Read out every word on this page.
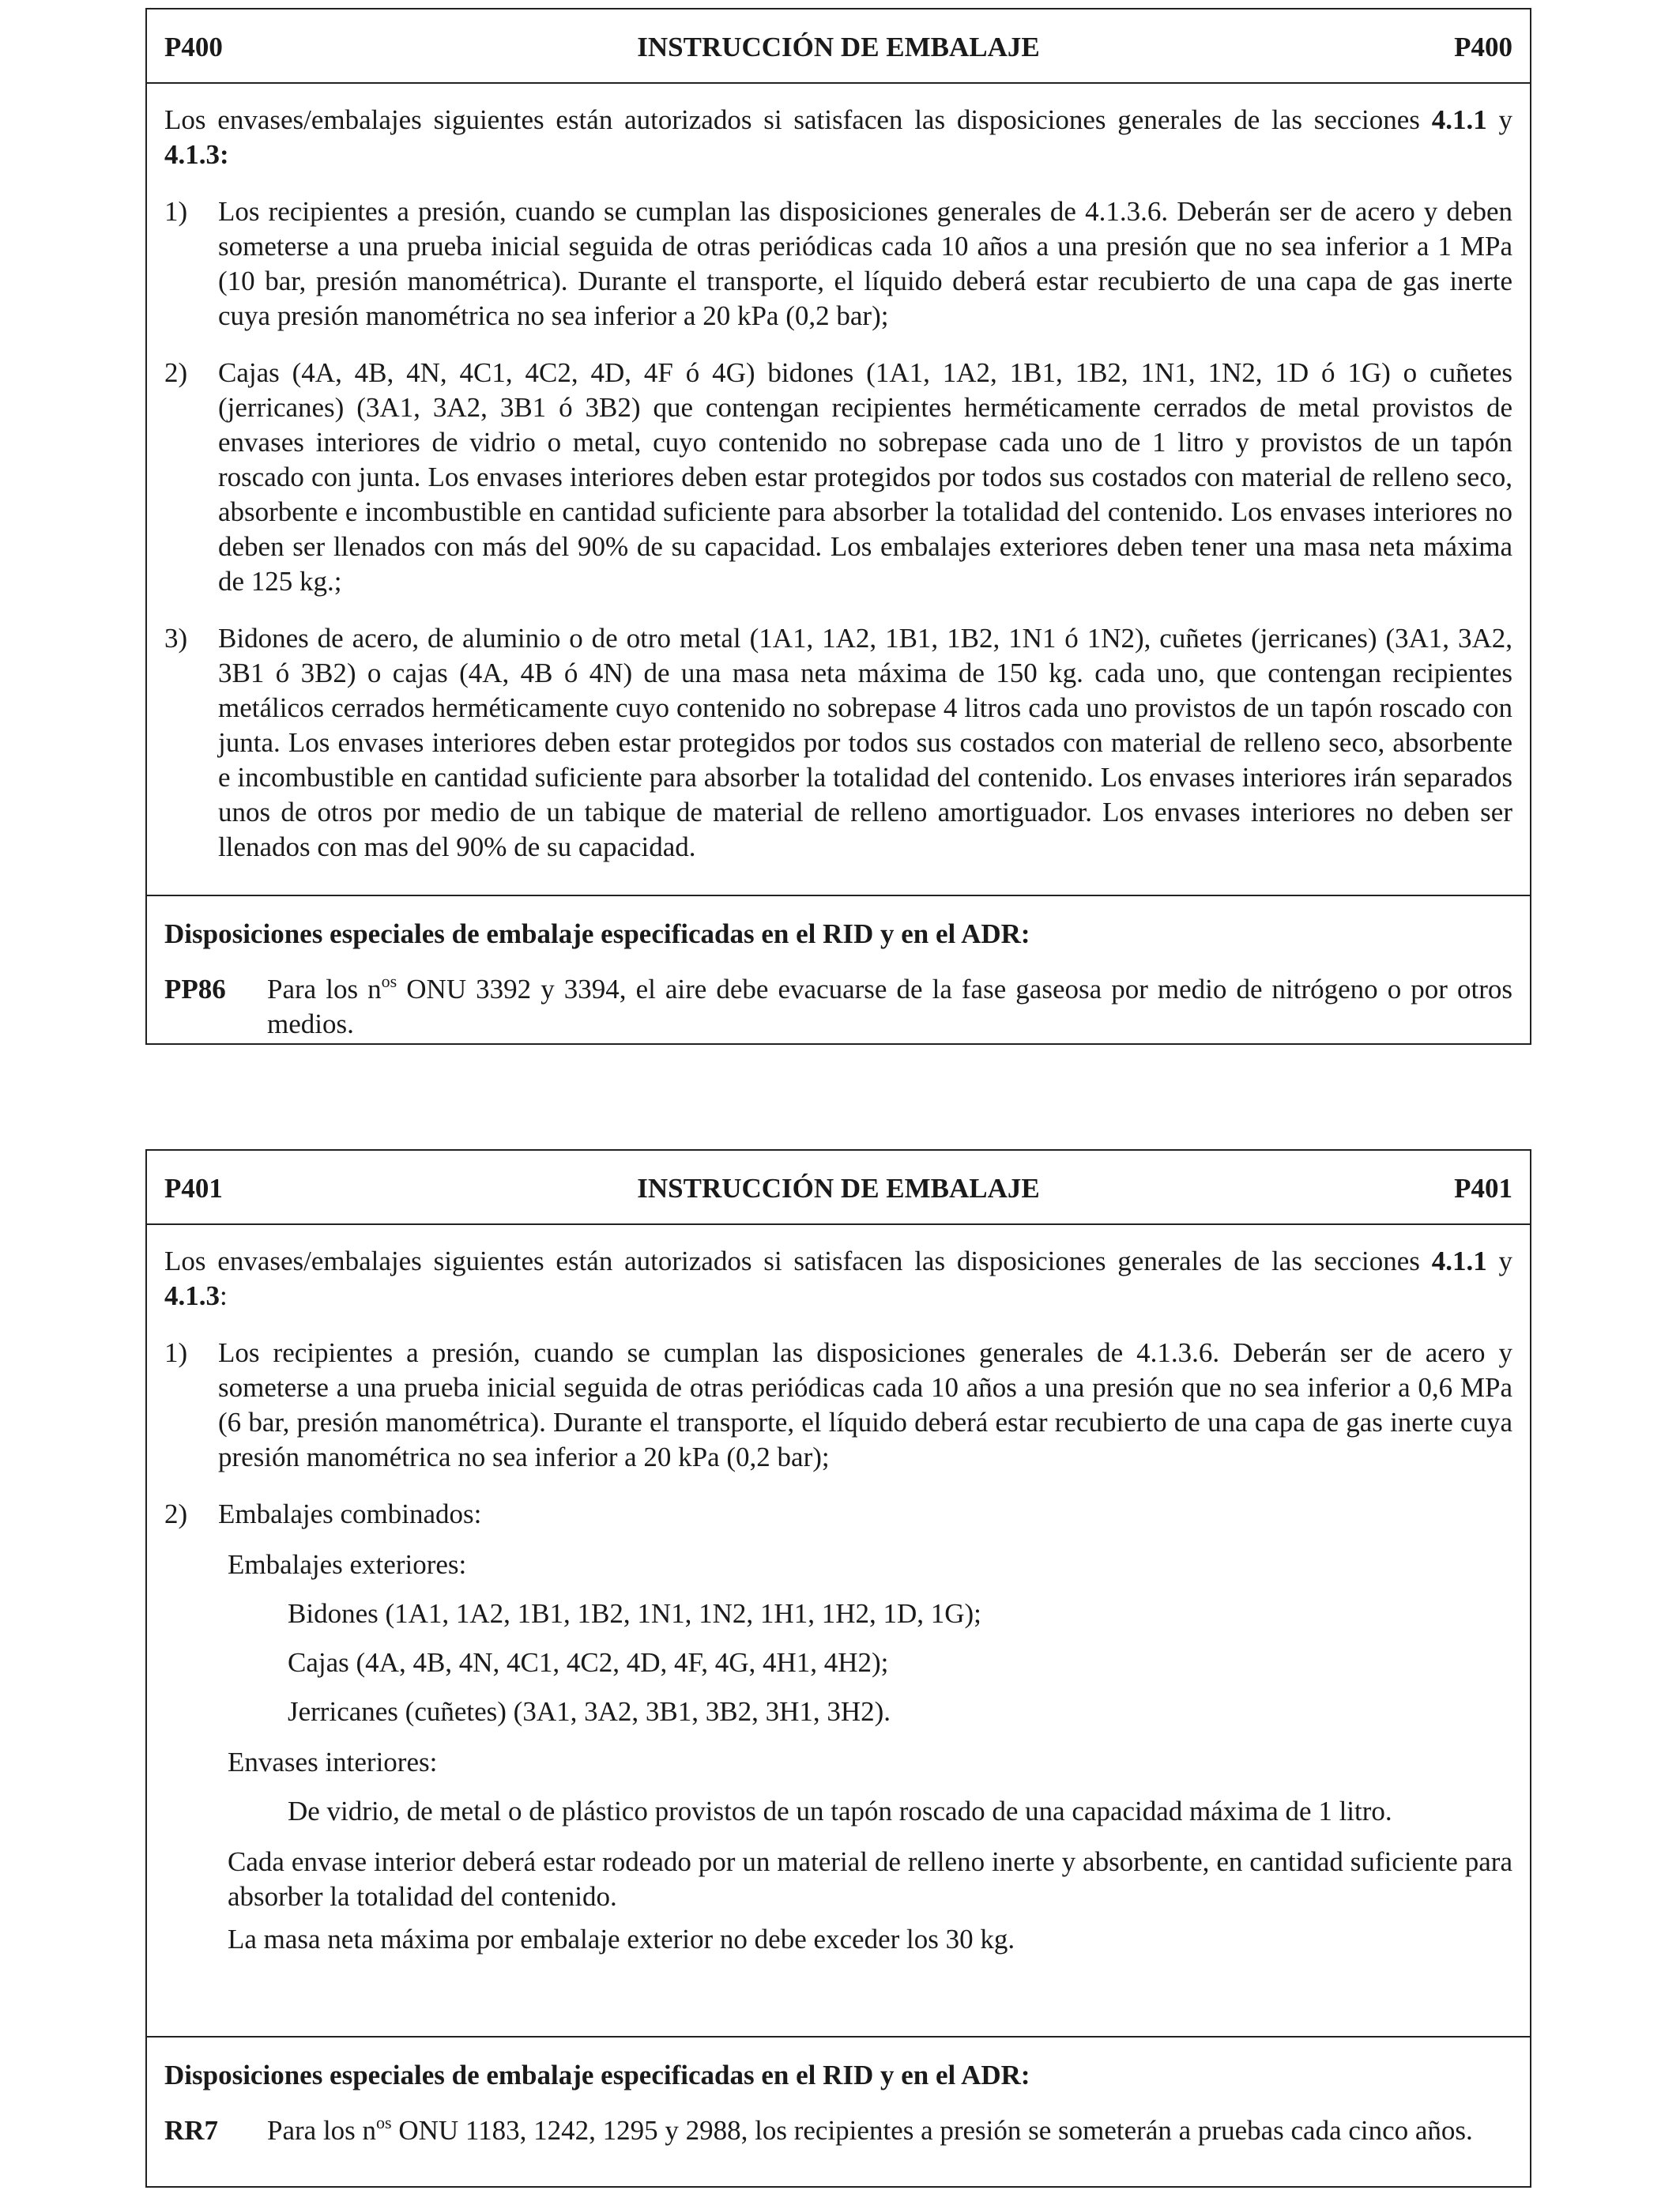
P400	INSTRUCCIÓN DE EMBALAJE	P400

Los envases/embalajes siguientes están autorizados si satisfacen las disposiciones generales de las secciones 4.1.1 y 4.1.3:

1) Los recipientes a presión, cuando se cumplan las disposiciones generales de 4.1.3.6. Deberán ser de acero y deben someterse a una prueba inicial seguida de otras periódicas cada 10 años a una presión que no sea inferior a 1 MPa (10 bar, presión manométrica). Durante el transporte, el líquido deberá estar recubierto de una capa de gas inerte cuya presión manométrica no sea inferior a 20 kPa (0,2 bar);
2) Cajas (4A, 4B, 4N, 4C1, 4C2, 4D, 4F ó 4G) bidones (1A1, 1A2, 1B1, 1B2, 1N1, 1N2, 1D ó 1G) o cuñetes (jerricanes) (3A1, 3A2, 3B1 ó 3B2) que contengan recipientes herméticamente cerrados de metal provistos de envases interiores de vidrio o metal, cuyo contenido no sobrepase cada uno de 1 litro y provistos de un tapón roscado con junta. Los envases interiores deben estar protegidos por todos sus costados con material de relleno seco, absorbente e incombustible en cantidad suficiente para absorber la totalidad del contenido. Los envases interiores no deben ser llenados con más del 90% de su capacidad. Los embalajes exteriores deben tener una masa neta máxima de 125 kg.;
3) Bidones de acero, de aluminio o de otro metal (1A1, 1A2, 1B1, 1B2, 1N1 ó 1N2), cuñetes (jerricanes) (3A1, 3A2, 3B1 ó 3B2) o cajas (4A, 4B ó 4N) de una masa neta máxima de 150 kg. cada uno, que contengan recipientes metálicos cerrados herméticamente cuyo contenido no sobrepase 4 litros cada uno provistos de un tapón roscado con junta. Los envases interiores deben estar protegidos por todos sus costados con material de relleno seco, absorbente e incombustible en cantidad suficiente para absorber la totalidad del contenido. Los envases interiores irán separados unos de otros por medio de un tabique de material de relleno amortiguador. Los envases interiores no deben ser llenados con mas del 90% de su capacidad.
Disposiciones especiales de embalaje especificadas en el RID y en el ADR:
PP86 Para los $n^{os}$ ONU 3392 y 3394, el aire debe evacuarse de la fase gaseosa por medio de nitrógeno o por otros medios.
P401	INSTRUCCIÓN DE EMBALAJE	P401

Los envases/embalajes siguientes están autorizados si satisfacen las disposiciones generales de las secciones 4.1.1 y 4.1.3:

1) Los recipientes a presión, cuando se cumplan las disposiciones generales de 4.1.3.6. Deberán ser de acero y someterse a una prueba inicial seguida de otras periódicas cada 10 años a una presión que no sea inferior a 0,6 MPa (6 bar, presión manométrica). Durante el transporte, el líquido deberá estar recubierto de una capa de gas inerte cuya presión manométrica no sea inferior a 20 kPa (0,2 bar);
2) Embalajes combinados:
Embalajes exteriores:

Bidones (1A1, 1A2, 1B1, 1B2, 1N1, 1N2, 1H1, 1H2, 1D, 1G);

Cajas (4A, 4B, 4N, 4C1, 4C2, 4D, 4F, 4G, 4H1, 4H2);

Jerricanes (cuñetes) (3A1, 3A2, 3B1, 3B2, 3H1, 3H2).

Envases interiores:

De vidrio, de metal o de plástico provistos de un tapón roscado de una capacidad máxima de 1 litro.

Cada envase interior deberá estar rodeado por un material de relleno inerte y absorbente, en cantidad suficiente para absorber la totalidad del contenido.
La masa neta máxima por embalaje exterior no debe exceder los 30 kg.
Disposiciones especiales de embalaje especificadas en el RID y en el ADR:
RR7 Para los $n^{os}$ ONU 1183, 1242, 1295 y 2988, los recipientes a presión se someterán a pruebas cada cinco años.
